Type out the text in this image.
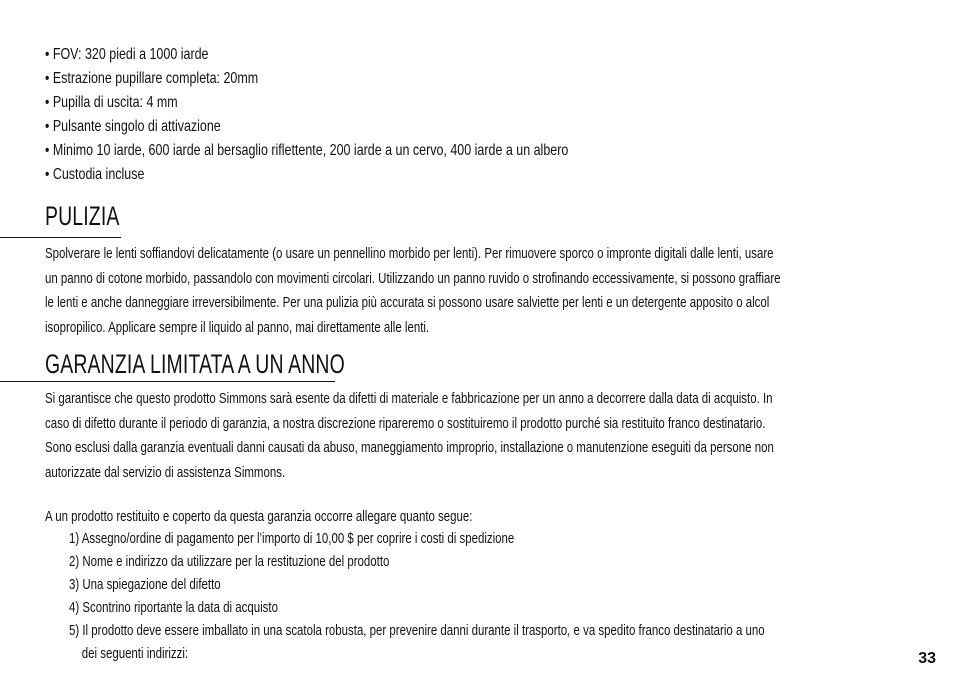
• FOV: 320 piedi a 1000 iarde
• Estrazione pupillare completa: 20mm
• Pupilla di uscita: 4 mm
• Pulsante singolo di attivazione
• Minimo 10 iarde, 600 iarde al bersaglio riflettente, 200 iarde a un cervo, 400 iarde a un albero
• Custodia incluse
PULIZIA
Spolverare le lenti soffiandovi delicatamente (o usare un pennellino morbido per lenti). Per rimuovere sporco o impronte digitali dalle lenti, usare
un panno di cotone morbido, passandolo con movimenti circolari. Utilizzando un panno ruvido o strofinando eccessivamente, si possono graffiare
le lenti e anche danneggiare irreversibilmente. Per una pulizia più accurata si possono usare salviette per lenti e un detergente apposito o alcol
isopropilico. Applicare sempre il liquido al panno, mai direttamente alle lenti.
GARANZIA LIMITATA A UN ANNO
Si garantisce che questo prodotto Simmons sarà esente da difetti di materiale e fabbricazione per un anno a decorrere dalla data di acquisto. In
caso di difetto durante il periodo di garanzia, a nostra discrezione ripareremo o sostituiremo il prodotto purché sia restituito franco destinatario.
Sono esclusi dalla garanzia eventuali danni causati da abuso, maneggiamento improprio, installazione o manutenzione eseguiti da persone non
autorizzate dal servizio di assistenza Simmons.
A un prodotto restituito e coperto da questa garanzia occorre allegare quanto segue:
1) Assegno/ordine di pagamento per l’importo di 10,00 $ per coprire i costi di spedizione
2) Nome e indirizzo da utilizzare per la restituzione del prodotto
3) Una spiegazione del difetto
4) Scontrino riportante la data di acquisto
5) Il prodotto deve essere imballato in una scatola robusta, per prevenire danni durante il trasporto, e va spedito franco destinatario a uno
dei seguenti indirizzi:	33
